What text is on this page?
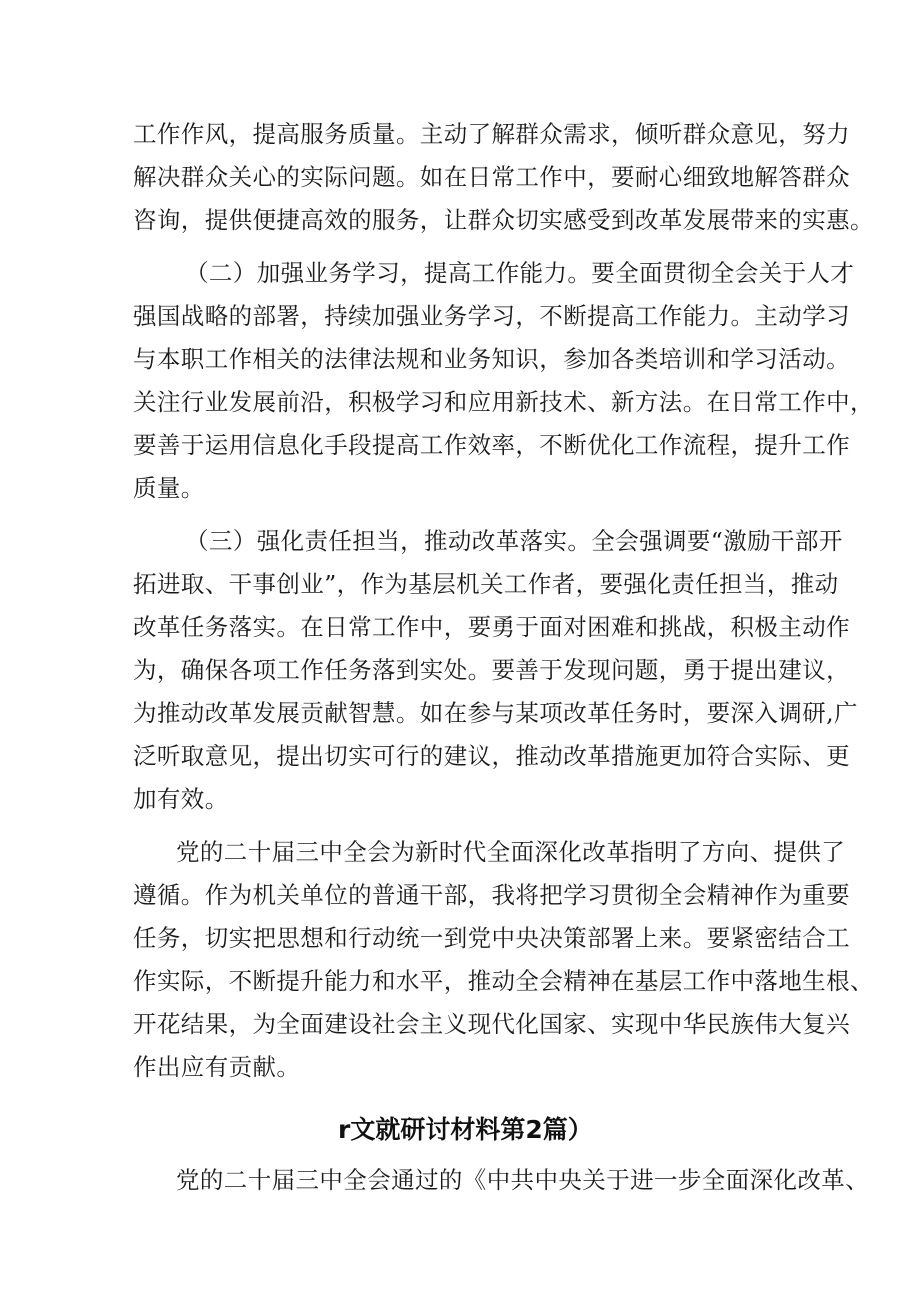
工作作风，提高服务质量。主动了解群众需求，倾听群众意见，努力
解决群众关心的实际问题。如在日常工作中，要耐心细致地解答群众
咨询，提供便捷高效的服务，让群众切实感受到改革发展带来的实惠。
（二）加强业务学习，提高工作能力。要全面贯彻全会关于人才
强国战略的部署，持续加强业务学习，不断提高工作能力。主动学习
与本职工作相关的法律法规和业务知识，参加各类培训和学习活动。
关注行业发展前沿，积极学习和应用新技术、新方法。在日常工作中，
要善于运用信息化手段提高工作效率，不断优化工作流程，提升工作
质量。
（三）强化责任担当，推动改革落实。全会强调要“激励干部开
拓进取、干事创业”，作为基层机关工作者，要强化责任担当，推动
改革任务落实。在日常工作中，要勇于面对困难和挑战，积极主动作
为，确保各项工作任务落到实处。要善于发现问题，勇于提出建议，
为推动改革发展贡献智慧。如在参与某项改革任务时，要深入调研,广
泛听取意见，提出切实可行的建议，推动改革措施更加符合实际、更
加有效。
党的二十届三中全会为新时代全面深化改革指明了方向、提供了
遵循。作为机关单位的普通干部，我将把学习贯彻全会精神作为重要
任务，切实把思想和行动统一到党中央决策部署上来。要紧密结合工
作实际，不断提升能力和水平，推动全会精神在基层工作中落地生根、
开花结果，为全面建设社会主义现代化国家、实现中华民族伟大复兴
作出应有贡献。
r文就研讨材料第2篇）
党的二十届三中全会通过的《中共中央关于进一步全面深化改革、
